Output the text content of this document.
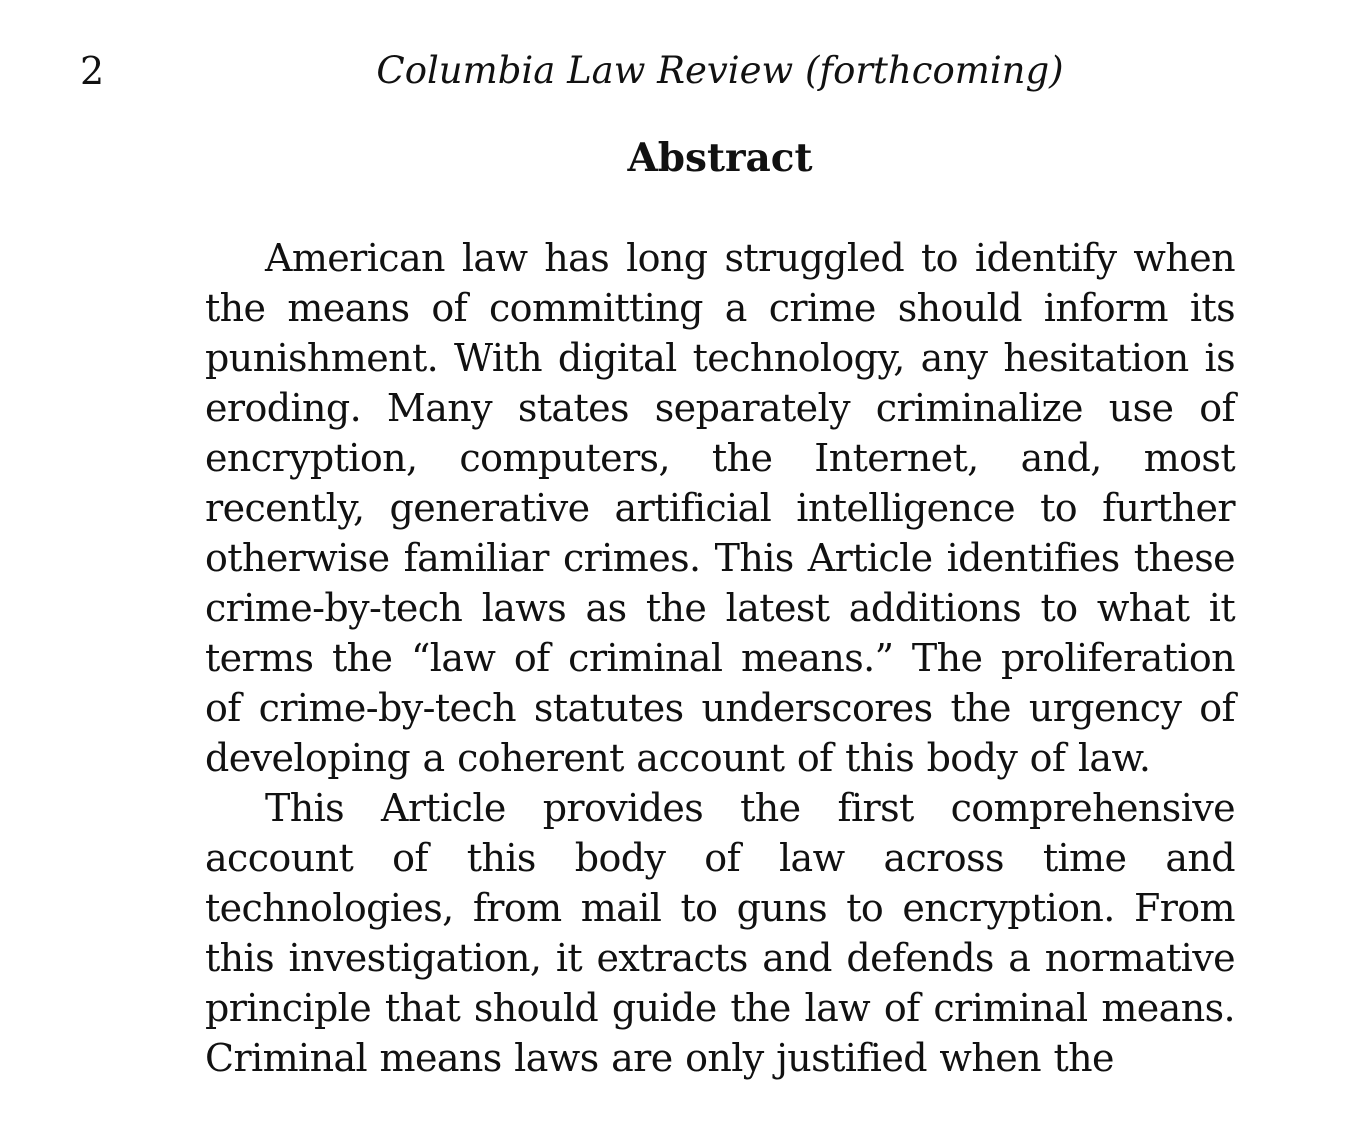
2	Columbia Law Review (forthcoming)
Abstract

American law has long struggled to identify when the means of committing a crime should inform its punishment. With digital technology, any hesitation is eroding. Many states separately criminalize use of encryption, computers, the Internet, and, most recently, generative artificial intelligence to further otherwise familiar crimes. This Article identifies these crime-by-tech laws as the latest additions to what it terms the “law of criminal means.” The proliferation of crime-by-tech statutes underscores the urgency of developing a coherent account of this body of law.

This Article provides the first comprehensive account of this body of law across time and technologies, from mail to guns to encryption. From this investigation, it extracts and defends a normative principle that should guide the law of criminal means. Criminal means laws are only justified when the
